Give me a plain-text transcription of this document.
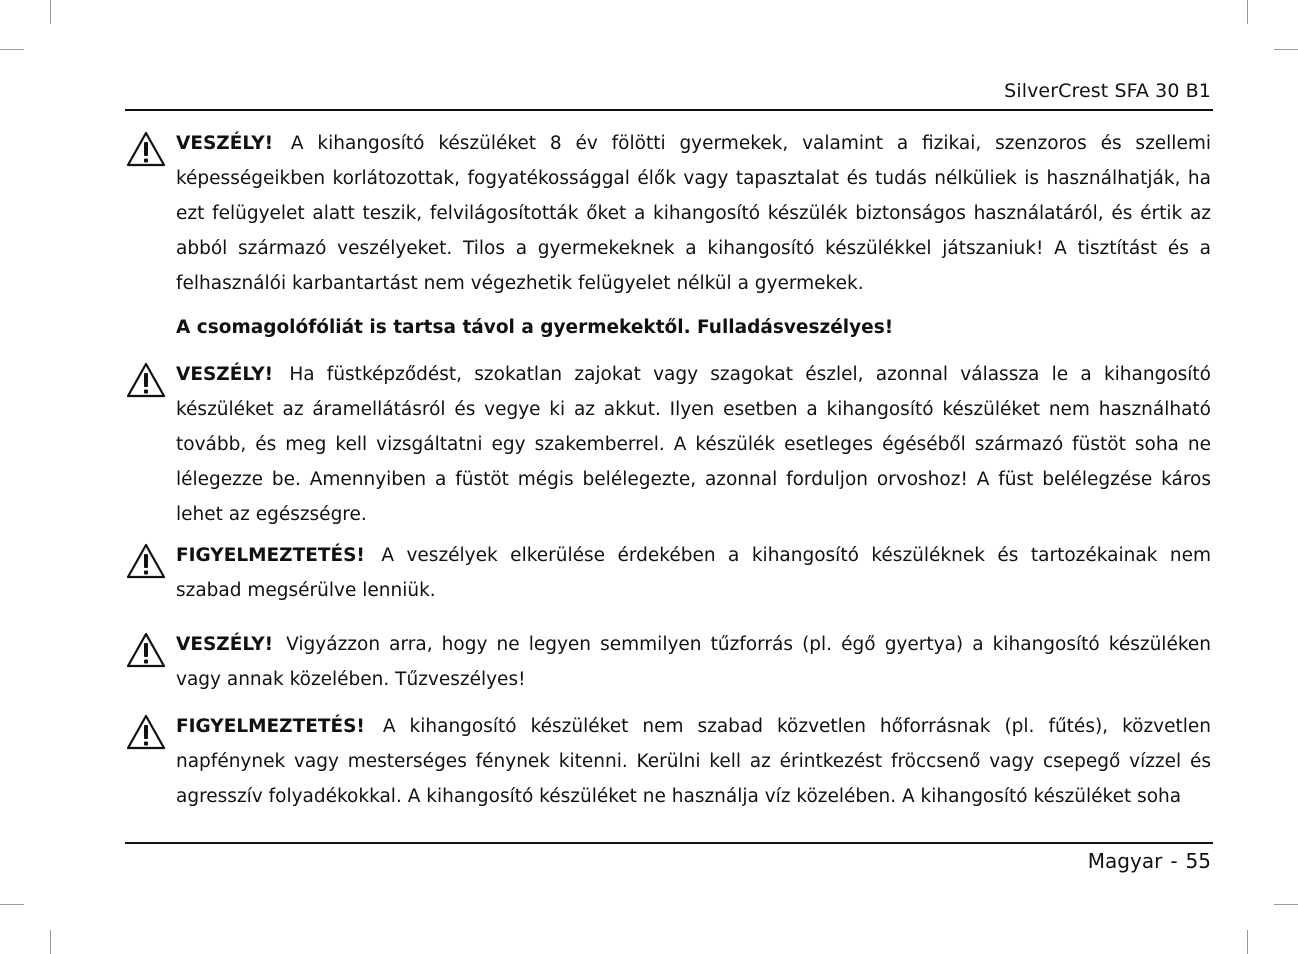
SilverCrest SFA 30 B1
VESZÉLY! A kihangosító készüléket 8 év fölötti gyermekek, valamint a fizikai, szenzoros és szellemi képességeikben korlátozottak, fogyatékossággal élők vagy tapasztalat és tudás nélküliek is használhatják, ha ezt felügyelet alatt teszik, felvilágosították őket a kihangosító készülék biztonságos használatáról, és értik az abból származó veszélyeket. Tilos a gyermekeknek a kihangosító készülékkel játszaniuk! A tisztítást és a felhasználói karbantartást nem végezhetik felügyelet nélkül a gyermekek.
A csomagolófóliát is tartsa távol a gyermekektől. Fulladásveszélyes!
VESZÉLY! Ha füstképződést, szokatlan zajokat vagy szagokat észlel, azonnal válassza le a kihangosító készüléket az áramellátásról és vegye ki az akkut. Ilyen esetben a kihangosító készüléket nem használható tovább, és meg kell vizsgáltatni egy szakemberrel. A készülék esetleges égéséből származó füstöt soha ne lélegezze be. Amennyiben a füstöt mégis belélegezte, azonnal forduljon orvoshoz! A füst belélegzése káros lehet az egészségre.
FIGYELMEZTETÉS! A veszélyek elkerülése érdekében a kihangosító készüléknek és tartozékainak nem szabad megsérülve lenniük.
VESZÉLY! Vigyázzon arra, hogy ne legyen semmilyen tűzforrás (pl. égő gyertya) a kihangosító készüléken vagy annak közelében. Tűzveszélyes!
FIGYELMEZTETÉS! A kihangosító készüléket nem szabad közvetlen hőforrásnak (pl. fűtés), közvetlen napfénynek vagy mesterséges fénynek kitenni. Kerülni kell az érintkezést fröccsenő vagy csepegő vízzel és agresszív folyadékokkal. A kihangosító készüléket ne használja víz közelében. A kihangosító készüléket soha
Magyar - 55
